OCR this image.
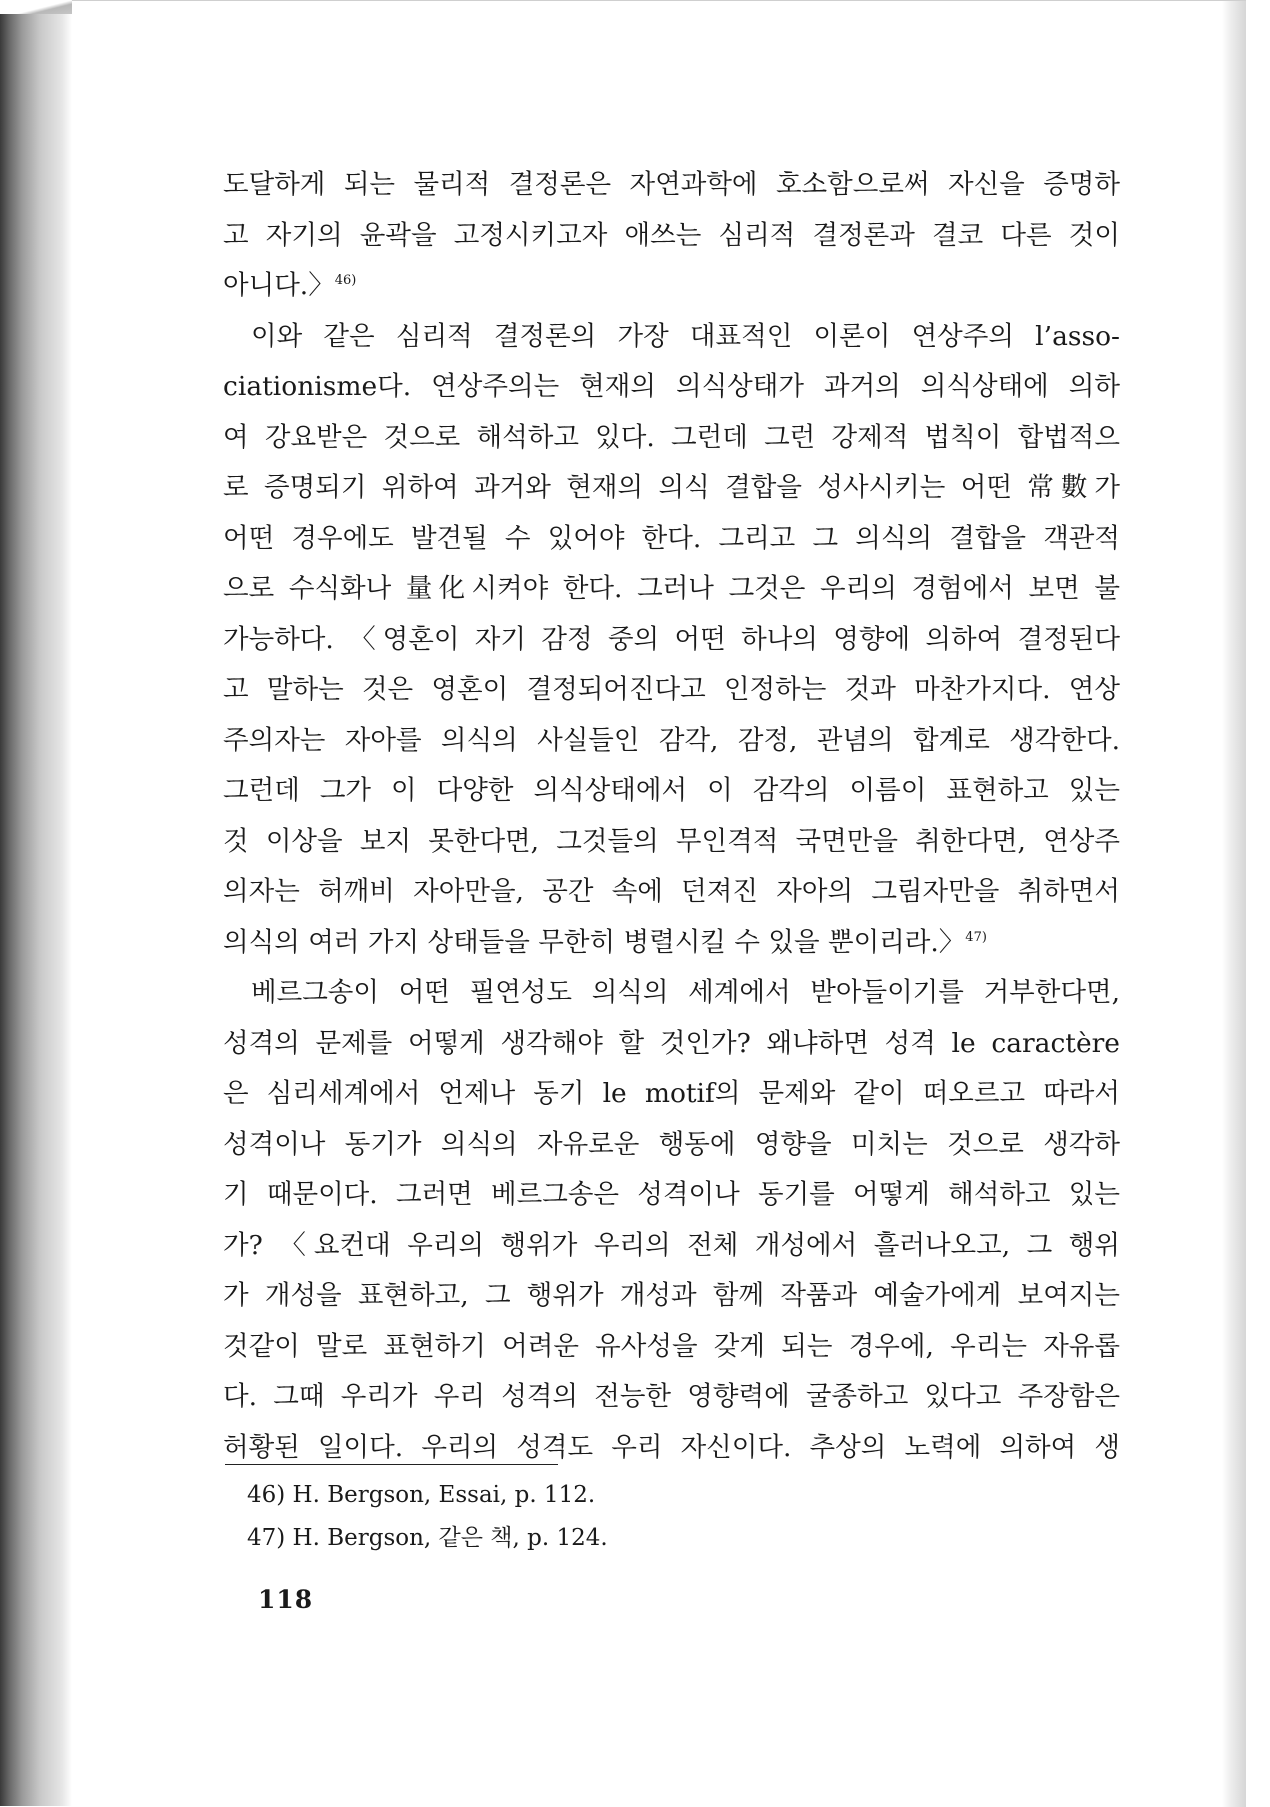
도달하게 되는 물리적 결정론은 자연과학에 호소함으로써 자신을 증명하
고 자기의 윤곽을 고정시키고자 애쓰는 심리적 결정론과 결코 다른 것이
아니다.〉$^{46)}$
이와 같은 심리적 결정론의 가장 대표적인 이론이 연상주의 l’asso-
ciationisme다. 연상주의는 현재의 의식상태가 과거의 의식상태에 의하
여 강요받은 것으로 해석하고 있다. 그런데 그런 강제적 법칙이 합법적으
로 증명되기 위하여 과거와 현재의 의식 결합을 성사시키는 어떤 常數가
어떤 경우에도 발견될 수 있어야 한다. 그리고 그 의식의 결합을 객관적
으로 수식화나 量化시켜야 한다. 그러나 그것은 우리의 경험에서 보면 불
가능하다. 〈영혼이 자기 감정 중의 어떤 하나의 영향에 의하여 결정된다
고 말하는 것은 영혼이 결정되어진다고 인정하는 것과 마찬가지다. 연상
주의자는 자아를 의식의 사실들인 감각, 감정, 관념의 합계로 생각한다.
그런데 그가 이 다양한 의식상태에서 이 감각의 이름이 표현하고 있는
것 이상을 보지 못한다면, 그것들의 무인격적 국면만을 취한다면, 연상주
의자는 허깨비 자아만을, 공간 속에 던져진 자아의 그림자만을 취하면서
의식의 여러 가지 상태들을 무한히 병렬시킬 수 있을 뿐이리라.〉$^{47)}$
베르그송이 어떤 필연성도 의식의 세계에서 받아들이기를 거부한다면,
성격의 문제를 어떻게 생각해야 할 것인가? 왜냐하면 성격 le caractère
은 심리세계에서 언제나 동기 le motif의 문제와 같이 떠오르고 따라서
성격이나 동기가 의식의 자유로운 행동에 영향을 미치는 것으로 생각하
기 때문이다. 그러면 베르그송은 성격이나 동기를 어떻게 해석하고 있는
가? 〈요컨대 우리의 행위가 우리의 전체 개성에서 흘러나오고, 그 행위
가 개성을 표현하고, 그 행위가 개성과 함께 작품과 예술가에게 보여지는
것같이 말로 표현하기 어려운 유사성을 갖게 되는 경우에, 우리는 자유롭
다. 그때 우리가 우리 성격의 전능한 영향력에 굴종하고 있다고 주장함은
허황된 일이다. 우리의 성격도 우리 자신이다. 추상의 노력에 의하여 생
46) H. Bergson, Essai, p. 112.
47) H. Bergson, 같은 책, p. 124.
118
